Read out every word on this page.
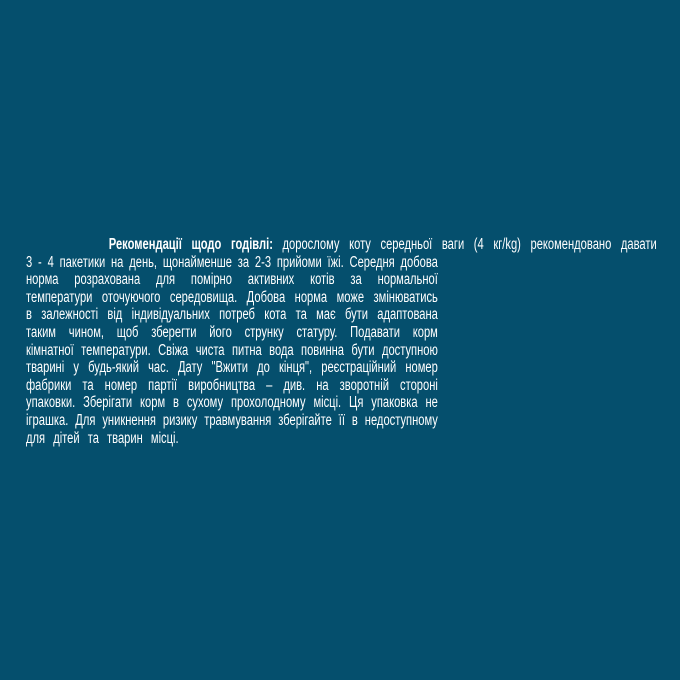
Рекомендації щодо годівлі: дорослому коту середньої ваги (4 кг/kg) рекомендовано давати
3 - 4 пакетики на день, щонайменше за 2-3 прийоми їжі. Середня добова
норма розрахована для помірно активних котів за нормальної
температури оточуючого середовища. Добова норма може змінюватись
в залежності від індивідуальних потреб кота та має бути адаптована
таким чином, щоб зберегти його струнку статуру. Подавати корм
кімнатної температури. Свіжа чиста питна вода повинна бути доступною
тварині у будь-який час. Дату "Вжити до кінця", реєстраційний номер
фабрики та номер партії виробництва – див. на зворотній стороні
упаковки. Зберігати корм в сухому прохолодному місці. Ця упаковка не
іграшка. Для уникнення ризику травмування зберігайте її в недоступному
для дітей та тварин місці.
